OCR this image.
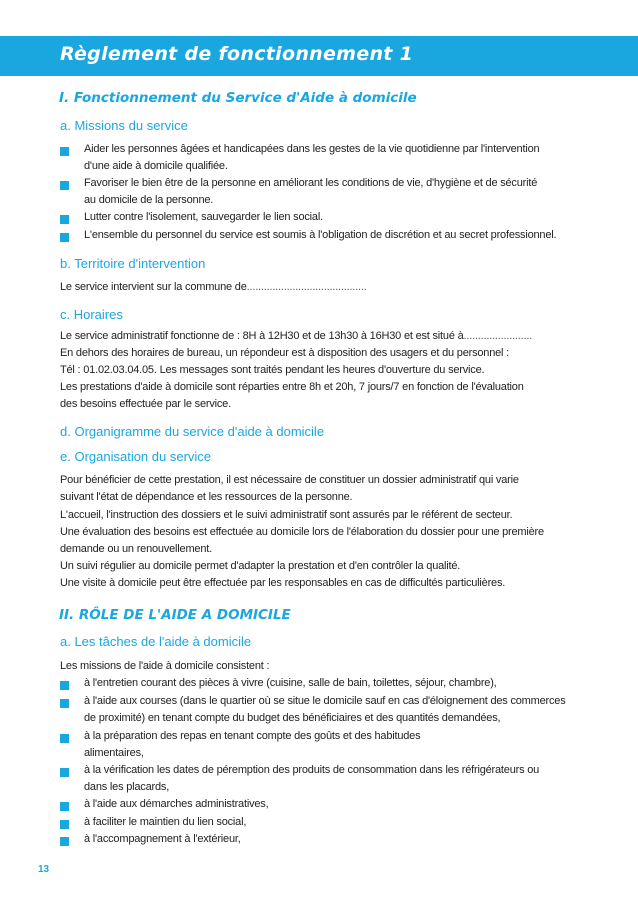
Règlement de fonctionnement 1
I. Fonctionnement du Service d'Aide à domicile
a. Missions du service
Aider les personnes âgées et handicapées dans les gestes de la vie quotidienne par l'intervention
d'une aide à domicile qualifiée.
Favoriser le bien être de la personne en améliorant les conditions de vie, d'hygiène et de sécurité
au domicile de la personne.
Lutter contre l'isolement, sauvegarder le lien social.
L'ensemble du personnel du service est soumis à l'obligation de discrétion et au secret professionnel.
b. Territoire d'intervention
Le service intervient sur la commune de..........................................
c. Horaires
Le service administratif fonctionne de : 8H à 12H30 et de 13h30 à 16H30 et est situé à........................
En dehors des horaires de bureau, un répondeur est à disposition des usagers et du personnel :
Tél : 01.02.03.04.05. Les messages sont traités pendant les heures d'ouverture du service.
Les prestations d'aide à domicile sont réparties entre 8h et 20h, 7 jours/7 en fonction de l'évaluation
des besoins effectuée par le service.
d. Organigramme du service d'aide à domicile
e. Organisation du service
Pour bénéficier de cette prestation, il est nécessaire de constituer un dossier administratif qui varie
suivant l'état de dépendance et les ressources de la personne.
L'accueil, l'instruction des dossiers et le suivi administratif sont assurés par le référent de secteur.
Une évaluation des besoins est effectuée au domicile lors de l'élaboration du dossier pour une première
demande ou un renouvellement.
Un suivi régulier au domicile permet d'adapter la prestation et d'en contrôler la qualité.
Une visite à domicile peut être effectuée par les responsables en cas de difficultés particulières.
II. RÔLE DE L'AIDE A DOMICILE
a. Les tâches de l'aide à domicile
Les missions de l'aide à domicile consistent :
à l'entretien courant des pièces à vivre (cuisine, salle de bain, toilettes, séjour, chambre),
à l'aide aux courses (dans le quartier où se situe le domicile sauf en cas d'éloignement des commerces
de proximité) en tenant compte du budget des bénéficiaires et des quantités demandées,
à la préparation des repas en tenant compte des goûts et des habitudes
alimentaires,
à la vérification les dates de péremption des produits de consommation dans les réfrigérateurs ou
dans les placards,
à l'aide aux démarches administratives,
à faciliter le maintien du lien social,
à l'accompagnement à l'extérieur,
13
